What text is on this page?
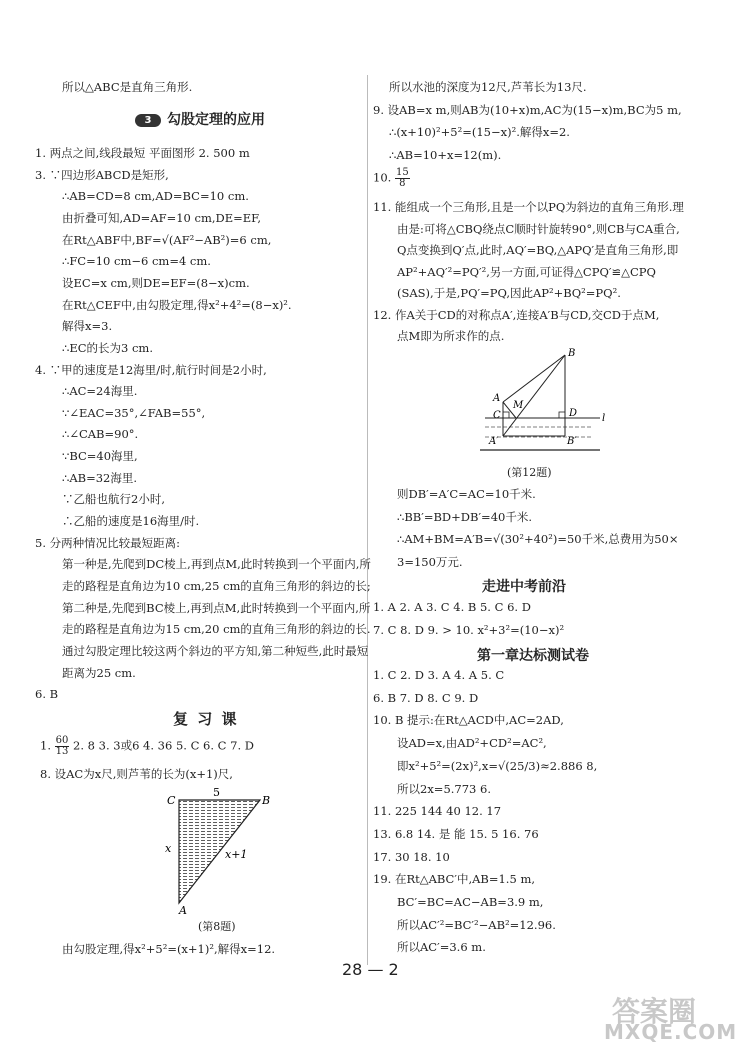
所以△ABC是直角三角形.
3 勾股定理的应用
1. 两点之间,线段最短 平面图形 2. 500 m
3. ∵四边形ABCD是矩形,
∴AB=CD=8 cm,AD=BC=10 cm.
由折叠可知,AD=AF=10 cm,DE=EF,
在Rt△ABF中,BF=√(AF²−AB²)=6 cm,
∴FC=10 cm−6 cm=4 cm.
设EC=x cm,则DE=EF=(8−x)cm.
在Rt△CEF中,由勾股定理,得x²+4²=(8−x)².
解得x=3.
∴EC的长为3 cm.
4. ∵甲的速度是12海里/时,航行时间是2小时,
∴AC=24海里.
∵∠EAC=35°,∠FAB=55°,
∴∠CAB=90°.
∵BC=40海里,
∴AB=32海里.
∵乙船也航行2小时,
∴乙船的速度是16海里/时.
5. 分两种情况比较最短距离:
第一种是,先爬到DC棱上,再到点M,此时转换到一个平面内,所
走的路程是直角边为10 cm,25 cm的直角三角形的斜边的长;
第二种是,先爬到BC棱上,再到点M,此时转换到一个平面内,所
走的路程是直角边为15 cm,20 cm的直角三角形的斜边的长.
通过勾股定理比较这两个斜边的平方知,第二种短些,此时最短
距离为25 cm.
6. B
复 习 课
1. $\frac{60}{13} 2$. 8 3. 3或6 4. 36 5. C 6. C 7. D
8. 设AC为x尺,则芦苇的长为(x+1)尺,
C	B
A
5
x	x+1
(第8题)
由勾股定理,得x²+5²=(x+1)²,解得x=12.
所以水池的深度为12尺,芦苇长为13尺.
9. 设AB=x m,则AB为(10+x)m,AC为(15−x)m,BC为5 m,
∴(x+10)²+5²=(15−x)².解得x=2.
∴AB=10+x=12(m).
10. $\frac{15}{8}$
11. 能组成一个三角形,且是一个以PQ为斜边的直角三角形.理
由是:可将△CBQ绕点C顺时针旋转90°,则CB与CA重合,
Q点变换到Q′点,此时,AQ′=BQ,△APQ′是直角三角形,即
AP²+AQ′²=PQ′²,另一方面,可证得△CPQ′≌△CPQ
(SAS),于是,PQ′=PQ,因此AP²+BQ²=PQ².
12. 作A关于CD的对称点A′,连接A′B与CD,交CD于点M,
点M即为所求作的点.
A
B
C	D
M
l
A′	B′
(第12题)
则DB′=A′C=AC=10千米.
∴BB′=BD+DB′=40千米.
∴AM+BM=A′B=√(30²+40²)=50千米,总费用为50×
3=150万元.
走进中考前沿
1. A 2. A 3. C 4. B 5. C 6. D
7. C 8. D 9. > 10. x²+3²=(10−x)²
第一章达标测试卷
1. C 2. D 3. A 4. A 5. C
6. B 7. D 8. C 9. D
10. B 提示:在Rt△ACD中,AC=2AD,
设AD=x,由AD²+CD²=AC²,
即x²+5²=(2x)²,x=√(25/3)≈2.886 8,
所以2x=5.773 6.
11. 225 144 40 12. 17
13. 6.8 14. 是 能 15. 5 16. 76
17. 30 18. 10
19. 在Rt△ABC′中,AB=1.5 m,
BC′=BC=AC−AB=3.9 m,
所以AC′²=BC′²−AB²=12.96.
所以AC′=3.6 m.
28 — 2
答案圈
MXQE.COM
